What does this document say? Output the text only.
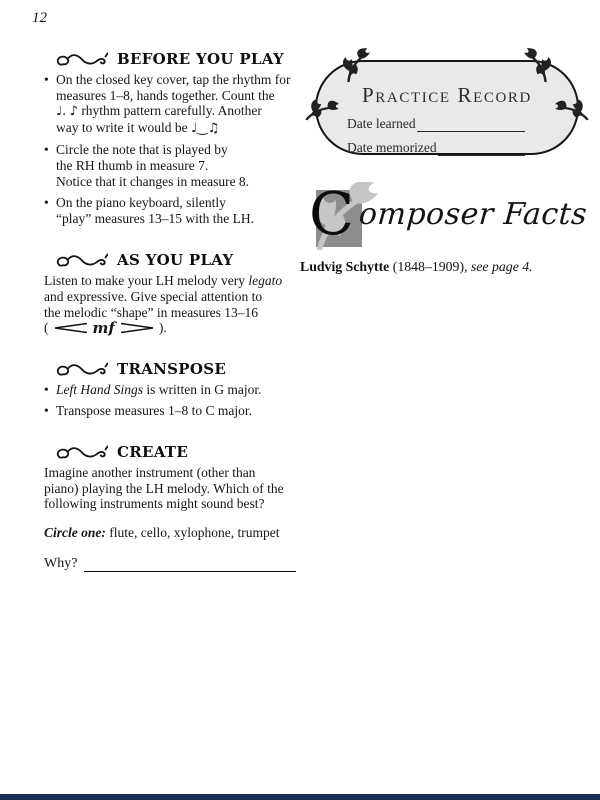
12
BEFORE YOU PLAY
• On the closed key cover, tap the rhythm for
measures 1–8, hands together. Count the
♩. ♪ rhythm pattern carefully. Another
way to write it would be ♩‿♫
• Circle the note that is played by
the RH thumb in measure 7.
Notice that it changes in measure 8.
• On the piano keyboard, silently
“play” measures 13–15 with the LH.
AS YOU PLAY
Listen to make your LH melody very legato
and expressive. Give special attention to
the melodic “shape” in measures 13–16
(	mf	).
TRANSPOSE
• Left Hand Sings is written in G major.
• Transpose measures 1–8 to C major.
CREATE
Imagine another instrument (other than
piano) playing the LH melody. Which of the
following instruments might sound best?
Circle one: flute, cello, xylophone, trumpet
Why?
Practice Record
Date learned
Date memorized
C omposer Facts
Ludvig Schytte (1848–1909), see page 4.
